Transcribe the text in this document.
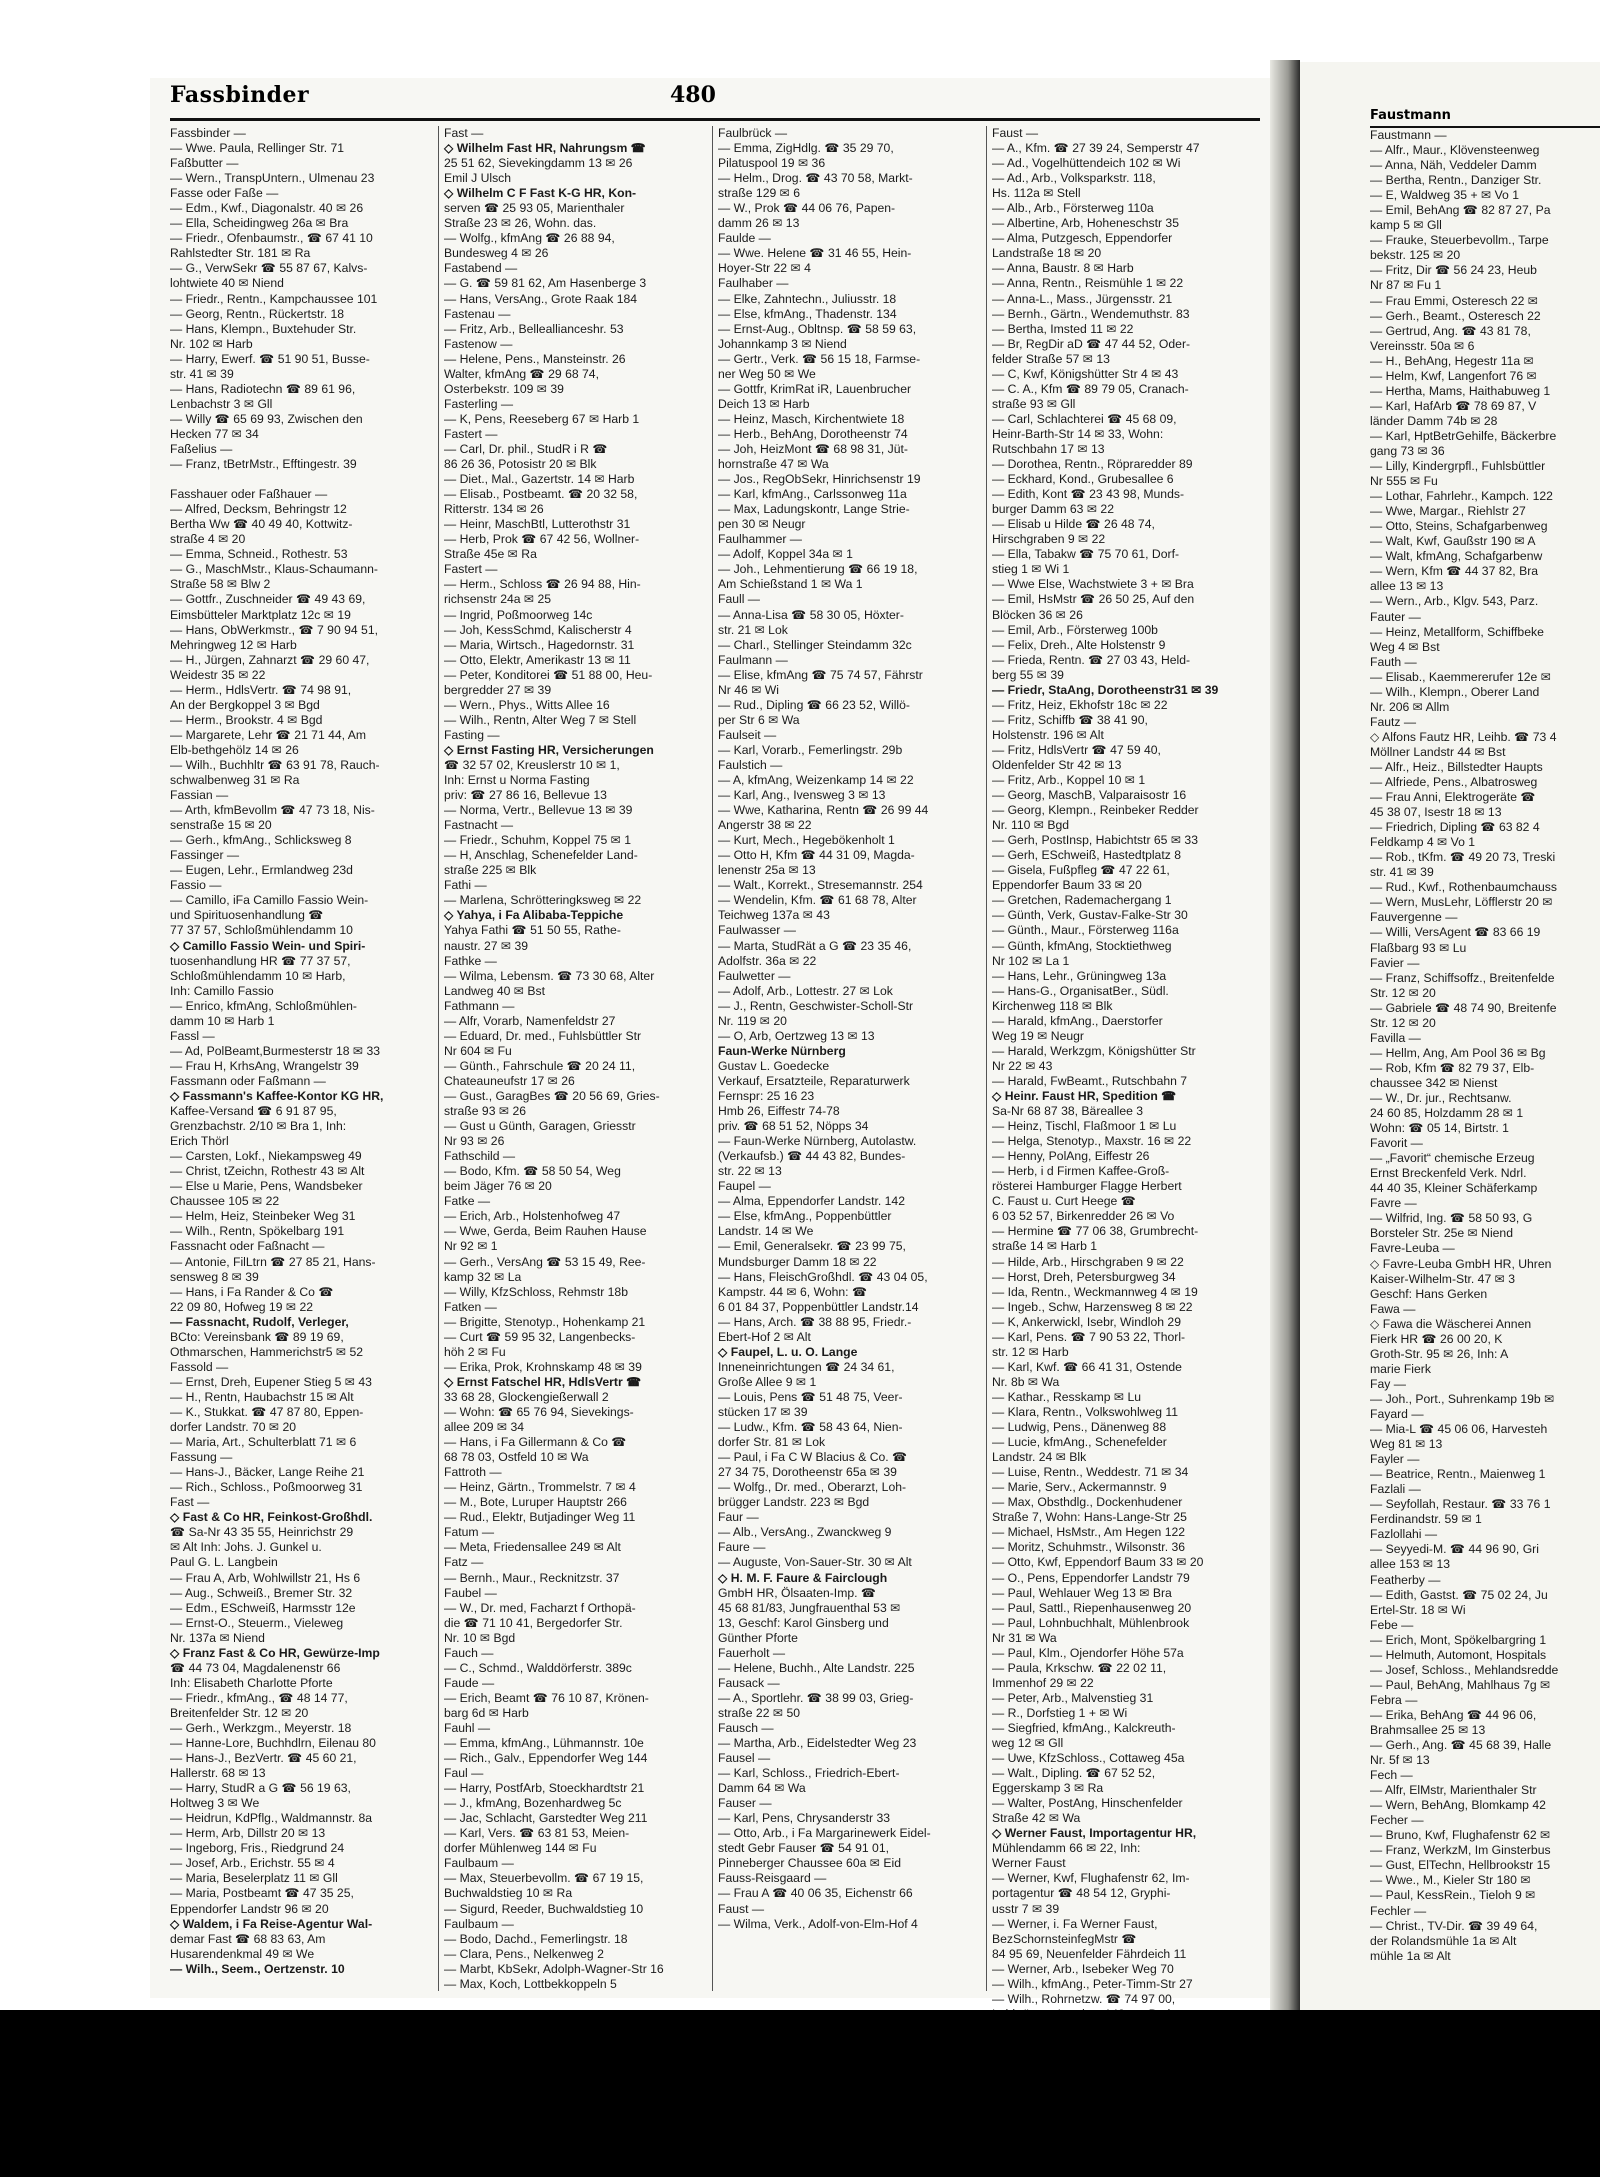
Fassbinder	480
Faustmann
Fassbinder —
— Wwe. Paula, Rellinger Str. 71
Faßbutter —
— Wern., TranspUntern., Ulmenau 23
Fasse oder Faße —
— Edm., Kwf., Diagonalstr. 40 ✉ 26
— Ella, Scheidingweg 26a ✉ Bra
— Friedr., Ofenbaumstr., ☎ 67 41 10
Rahlstedter Str. 181 ✉ Ra
— G., VerwSekr ☎ 55 87 67, Kalvs-
lohtwiete 40 ✉ Niend
— Friedr., Rentn., Kampchaussee 101
— Georg, Rentn., Rückertstr. 18
— Hans, Klempn., Buxtehuder Str.
Nr. 102 ✉ Harb
— Harry, Ewerf. ☎ 51 90 51, Busse-
str. 41 ✉ 39
— Hans, Radiotechn ☎ 89 61 96,
Lenbachstr 3 ✉ Gll
— Willy ☎ 65 69 93, Zwischen den
Hecken 77 ✉ 34
Faßelius —
— Franz, tBetrMstr., Efftingestr. 39

Fasshauer oder Faßhauer —
— Alfred, Decksm, Behringstr 12
Bertha Ww ☎ 40 49 40, Kottwitz-
straße 4 ✉ 20
— Emma, Schneid., Rothestr. 53
— G., MaschMstr., Klaus-Schaumann-
Straße 58 ✉ Blw 2
— Gottfr., Zuschneider ☎ 49 43 69,
Eimsbütteler Marktplatz 12c ✉ 19
— Hans, ObWerkmstr., ☎ 7 90 94 51,
Mehringweg 12 ✉ Harb
— H., Jürgen, Zahnarzt ☎ 29 60 47,
Weidestr 35 ✉ 22
— Herm., HdlsVertr. ☎ 74 98 91,
An der Bergkoppel 3 ✉ Bgd
— Herm., Brookstr. 4 ✉ Bgd
— Margarete, Lehr ☎ 21 71 44, Am
Elb-bethgehölz 14 ✉ 26
— Wilh., Buchhltr ☎ 63 91 78, Rauch-
schwalbenweg 31 ✉ Ra
Fassian —
— Arth, kfmBevollm ☎ 47 73 18, Nis-
senstraße 15 ✉ 20
— Gerh., kfmAng., Schlicksweg 8
Fassinger —
— Eugen, Lehr., Ermlandweg 23d
Fassio —
— Camillo, iFa Camillo Fassio Wein-
und Spirituosenhandlung ☎
77 37 57, Schloßmühlendamm 10
◇ Camillo Fassio Wein- und Spiri-
tuosenhandlung HR ☎ 77 37 57,
Schloßmühlendamm 10 ✉ Harb,
Inh: Camillo Fassio
— Enrico, kfmAng, Schloßmühlen-
damm 10 ✉ Harb 1
Fassl —
— Ad, PolBeamt,Burmesterstr 18 ✉ 33
— Frau H, KrhsAng, Wrangelstr 39
Fassmann oder Faßmann —
◇ Fassmann's Kaffee-Kontor KG HR,
Kaffee-Versand ☎ 6 91 87 95,
Grenzbachstr. 2/10 ✉ Bra 1, Inh:
Erich Thörl
— Carsten, Lokf., Niekampsweg 49
— Christ, tZeichn, Rothestr 43 ✉ Alt
— Else u Marie, Pens, Wandsbeker
Chaussee 105 ✉ 22
— Helm, Heiz, Steinbeker Weg 31
— Wilh., Rentn, Spökelbarg 191
Fassnacht oder Faßnacht —
— Antonie, FilLtrn ☎ 27 85 21, Hans-
sensweg 8 ✉ 39
— Hans, i Fa Rander & Co ☎
22 09 80, Hofweg 19 ✉ 22
— Fassnacht, Rudolf, Verleger,
BCto: Vereinsbank ☎ 89 19 69,
Othmarschen, Hammerichstr5 ✉ 52
Fassold —
— Ernst, Dreh, Eupener Stieg 5 ✉ 43
— H., Rentn, Haubachstr 15 ✉ Alt
— K., Stukkat. ☎ 47 87 80, Eppen-
dorfer Landstr. 70 ✉ 20
— Maria, Art., Schulterblatt 71 ✉ 6
Fassung —
— Hans-J., Bäcker, Lange Reihe 21
— Rich., Schloss., Poßmoorweg 31
Fast —
◇ Fast & Co HR, Feinkost-Großhdl.
☎ Sa-Nr 43 35 55, Heinrichstr 29
✉ Alt Inh: Johs. J. Gunkel u.
Paul G. L. Langbein
— Frau A, Arb, Wohlwillstr 21, Hs 6
— Aug., Schweiß., Bremer Str. 32
— Edm., ESchweiß, Harmsstr 12e
— Ernst-O., Steuerm., Vieleweg
Nr. 137a ✉ Niend
◇ Franz Fast & Co HR, Gewürze-Imp
☎ 44 73 04, Magdalenenstr 66
Inh: Elisabeth Charlotte Pforte
— Friedr., kfmAng., ☎ 48 14 77,
Breitenfelder Str. 12 ✉ 20
— Gerh., Werkzgm., Meyerstr. 18
— Hanne-Lore, Buchhdlrn, Eilenau 80
— Hans-J., BezVertr. ☎ 45 60 21,
Hallerstr. 68 ✉ 13
— Harry, StudR a G ☎ 56 19 63,
Holtweg 3 ✉ We
— Heidrun, KdPflg., Waldmannstr. 8a
— Herm, Arb, Dillstr 20 ✉ 13
— Ingeborg, Fris., Riedgrund 24
— Josef, Arb., Erichstr. 55 ✉ 4
— Maria, Beselerplatz 11 ✉ Gll
— Maria, Postbeamt ☎ 47 35 25,
Eppendorfer Landstr 96 ✉ 20
◇ Waldem, i Fa Reise-Agentur Wal-
demar Fast ☎ 68 83 63, Am
Husarendenkmal 49 ✉ We
— Wilh., Seem., Oertzenstr. 10
Fast —
◇ Wilhelm Fast HR, Nahrungsm ☎
25 51 62, Sievekingdamm 13 ✉ 26
Emil J Ulsch
◇ Wilhelm C F Fast K-G HR, Kon-
serven ☎ 25 93 05, Marienthaler
Straße 23 ✉ 26, Wohn. das.
— Wolfg., kfmAng ☎ 26 88 94,
Bundesweg 4 ✉ 26
Fastabend —
— G. ☎ 59 81 62, Am Hasenberge 3
— Hans, VersAng., Grote Raak 184
Fastenau —
— Fritz, Arb., Belleallianceshr. 53
Fastenow —
— Helene, Pens., Mansteinstr. 26
Walter, kfmAng ☎ 29 68 74,
Osterbekstr. 109 ✉ 39
Fasterling —
— K, Pens, Reeseberg 67 ✉ Harb 1
Fastert —
— Carl, Dr. phil., StudR i R ☎
86 26 36, Potosistr 20 ✉ Blk
— Diet., Mal., Gazertstr. 14 ✉ Harb
— Elisab., Postbeamt. ☎ 20 32 58,
Ritterstr. 134 ✉ 26
— Heinr, MaschBtl, Lutterothstr 31
— Herb, Prok ☎ 67 42 56, Wollner-
Straße 45e ✉ Ra
Fastert —
— Herm., Schloss ☎ 26 94 88, Hin-
richsenstr 24a ✉ 25
— Ingrid, Poßmoorweg 14c
— Joh, KessSchmd, Kalischerstr 4
— Maria, Wirtsch., Hagedornstr. 31
— Otto, Elektr, Amerikastr 13 ✉ 11
— Peter, Konditorei ☎ 51 88 00, Heu-
bergredder 27 ✉ 39
— Wern., Phys., Witts Allee 16
— Wilh., Rentn, Alter Weg 7 ✉ Stell
Fasting —
◇ Ernst Fasting HR, Versicherungen
☎ 32 57 02, Kreuslerstr 10 ✉ 1,
Inh: Ernst u Norma Fasting
priv: ☎ 27 86 16, Bellevue 13
— Norma, Vertr., Bellevue 13 ✉ 39
Fastnacht —
— Friedr., Schuhm, Koppel 75 ✉ 1
— H, Anschlag, Schenefelder Land-
straße 225 ✉ Blk
Fathi —
— Marlena, Schrötteringksweg ✉ 22
◇ Yahya, i Fa Alibaba-Teppiche
Yahya Fathi ☎ 51 50 55, Rathe-
naustr. 27 ✉ 39
Fathke —
— Wilma, Lebensm. ☎ 73 30 68, Alter
Landweg 40 ✉ Bst
Fathmann —
— Alfr, Vorarb, Namenfeldstr 27
— Eduard, Dr. med., Fuhlsbüttler Str
Nr 604 ✉ Fu
— Günth., Fahrschule ☎ 20 24 11,
Chateauneufstr 17 ✉ 26
— Gust., GaragBes ☎ 20 56 69, Gries-
straße 93 ✉ 26
— Gust u Günth, Garagen, Griesstr
Nr 93 ✉ 26
Fathschild —
— Bodo, Kfm. ☎ 58 50 54, Weg
beim Jäger 76 ✉ 20
Fatke —
— Erich, Arb., Holstenhofweg 47
— Wwe, Gerda, Beim Rauhen Hause
Nr 92 ✉ 1
— Gerh., VersAng ☎ 53 15 49, Ree-
kamp 32 ✉ La
— Willy, KfzSchloss, Rehmstr 18b
Fatken —
— Brigitte, Stenotyp., Hohenkamp 21
— Curt ☎ 59 95 32, Langenbecks-
höh 2 ✉ Fu
— Erika, Prok, Krohnskamp 48 ✉ 39
◇ Ernst Fatschel HR, HdlsVertr ☎
33 68 28, Glockengießerwall 2
— Wohn: ☎ 65 76 94, Sievekings-
allee 209 ✉ 34
— Hans, i Fa Gillermann & Co ☎
68 78 03, Ostfeld 10 ✉ Wa
Fattroth —
— Heinz, Gärtn., Trommelstr. 7 ✉ 4
— M., Bote, Luruper Hauptstr 266
— Rud., Elektr, Butjadinger Weg 11
Fatum —
— Meta, Friedensallee 249 ✉ Alt
Fatz —
— Bernh., Maur., Recknitzstr. 37
Faubel —
— W., Dr. med, Facharzt f Orthopä-
die ☎ 71 10 41, Bergedorfer Str.
Nr. 10 ✉ Bgd
Fauch —
— C., Schmd., Walddörferstr. 389c
Faude —
— Erich, Beamt ☎ 76 10 87, Krönen-
barg 6d ✉ Harb
Fauhl —
— Emma, kfmAng., Lühmannstr. 10e
— Rich., Galv., Eppendorfer Weg 144
Faul —
— Harry, PostfArb, Stoeckhardtstr 21
— J., kfmAng, Bozenhardweg 5c
— Jac, Schlacht, Garstedter Weg 211
— Karl, Vers. ☎ 63 81 53, Meien-
dorfer Mühlenweg 144 ✉ Fu
Faulbaum —
— Max, Steuerbevollm. ☎ 67 19 15,
Buchwaldstieg 10 ✉ Ra
— Sigurd, Reeder, Buchwaldstieg 10
Faulbaum —
— Bodo, Dachd., Femerlingstr. 18
— Clara, Pens., Nelkenweg 2
— Marbt, KbSekr, Adolph-Wagner-Str 16
— Max, Koch, Lottbekkoppeln 5
Faulbrück —
— Emma, ZigHdlg. ☎ 35 29 70,
Pilatuspool 19 ✉ 36
— Helm., Drog. ☎ 43 70 58, Markt-
straße 129 ✉ 6
— W., Prok ☎ 44 06 76, Papen-
damm 26 ✉ 13
Faulde —
— Wwe. Helene ☎ 31 46 55, Hein-
Hoyer-Str 22 ✉ 4
Faulhaber —
— Elke, Zahntechn., Juliusstr. 18
— Else, kfmAng., Thadenstr. 134
— Ernst-Aug., Obltnsp. ☎ 58 59 63,
Johannkamp 3 ✉ Niend
— Gertr., Verk. ☎ 56 15 18, Farmse-
ner Weg 50 ✉ We
— Gottfr, KrimRat iR, Lauenbrucher
Deich 13 ✉ Harb
— Heinz, Masch, Kirchentwiete 18
— Herb., BehAng, Dorotheenstr 74
— Joh, HeizMont ☎ 68 98 31, Jüt-
hornstraße 47 ✉ Wa
— Jos., RegObSekr, Hinrichsenstr 19
— Karl, kfmAng., Carlssonweg 11a
— Max, Ladungskontr, Lange Strie-
pen 30 ✉ Neugr
Faulhammer —
— Adolf, Koppel 34a ✉ 1
— Joh., Lehmentierung ☎ 66 19 18,
Am Schießstand 1 ✉ Wa 1
Faull —
— Anna-Lisa ☎ 58 30 05, Höxter-
str. 21 ✉ Lok
— Charl., Stellinger Steindamm 32c
Faulmann —
— Elise, kfmAng ☎ 75 74 57, Fährstr
Nr 46 ✉ Wi
— Rud., Dipling ☎ 66 23 52, Willö-
per Str 6 ✉ Wa
Faulseit —
— Karl, Vorarb., Femerlingstr. 29b
Faulstich —
— A, kfmAng, Weizenkamp 14 ✉ 22
— Karl, Ang., Ivensweg 3 ✉ 13
— Wwe, Katharina, Rentn ☎ 26 99 44
Angerstr 38 ✉ 22
— Kurt, Mech., Hegebökenholt 1
— Otto H, Kfm ☎ 44 31 09, Magda-
lenenstr 25a ✉ 13
— Walt., Korrekt., Stresemannstr. 254
— Wendelin, Kfm. ☎ 61 68 78, Alter
Teichweg 137a ✉ 43
Faulwasser —
— Marta, StudRät a G ☎ 23 35 46,
Adolfstr. 36a ✉ 22
Faulwetter —
— Adolf, Arb., Lottestr. 27 ✉ Lok
— J., Rentn, Geschwister-Scholl-Str
Nr. 119 ✉ 20
— O, Arb, Oertzweg 13 ✉ 13
Faun-Werke Nürnberg
Gustav L. Goedecke
Verkauf, Ersatzteile, Reparaturwerk
Fernspr: 25 16 23
Hmb 26, Eiffestr 74-78
priv. ☎ 68 51 52, Nöpps 34
— Faun-Werke Nürnberg, Autolastw.
(Verkaufsb.) ☎ 44 43 82, Bundes-
str. 22 ✉ 13
Faupel —
— Alma, Eppendorfer Landstr. 142
— Else, kfmAng., Poppenbüttler
Landstr. 14 ✉ We
— Emil, Generalsekr. ☎ 23 99 75,
Mundsburger Damm 18 ✉ 22
— Hans, FleischGroßhdl. ☎ 43 04 05,
Kampstr. 44 ✉ 6, Wohn: ☎
6 01 84 37, Poppenbüttler Landstr.14
— Hans, Arch. ☎ 38 88 95, Friedr.-
Ebert-Hof 2 ✉ Alt
◇ Faupel, L. u. O. Lange
Inneneinrichtungen ☎ 24 34 61,
Große Allee 9 ✉ 1
— Louis, Pens ☎ 51 48 75, Veer-
stücken 17 ✉ 39
— Ludw., Kfm. ☎ 58 43 64, Nien-
dorfer Str. 81 ✉ Lok
— Paul, i Fa C W Blacius & Co. ☎
27 34 75, Dorotheenstr 65a ✉ 39
— Wolfg., Dr. med., Oberarzt, Loh-
brügger Landstr. 223 ✉ Bgd
Faur —
— Alb., VersAng., Zwanckweg 9
Faure —
— Auguste, Von-Sauer-Str. 30 ✉ Alt
◇ H. M. F. Faure & Fairclough
GmbH HR, Ölsaaten-Imp. ☎
45 68 81/83, Jungfrauenthal 53 ✉
13, Geschf: Karol Ginsberg und
Günther Pforte
Fauerholt —
— Helene, Buchh., Alte Landstr. 225
Fausack —
— A., Sportlehr. ☎ 38 99 03, Grieg-
straße 22 ✉ 50
Fausch —
— Martha, Arb., Eidelstedter Weg 23
Fausel —
— Karl, Schloss., Friedrich-Ebert-
Damm 64 ✉ Wa
Fauser —
— Karl, Pens, Chrysanderstr 33
— Otto, Arb., i Fa Margarinewerk Eidel-
stedt Gebr Fauser ☎ 54 91 01,
Pinneberger Chaussee 60a ✉ Eid
Fauss-Reisgaard —
— Frau A ☎ 40 06 35, Eichenstr 66
Faust —
— Wilma, Verk., Adolf-von-Elm-Hof 4
Faust —
— A., Kfm. ☎ 27 39 24, Semperstr 47
— Ad., Vogelhüttendeich 102 ✉ Wi
— Ad., Arb., Volksparkstr. 118,
Hs. 112a ✉ Stell
— Alb., Arb., Försterweg 110a
— Albertine, Arb, Hoheneschstr 35
— Alma, Putzgesch, Eppendorfer
Landstraße 18 ✉ 20
— Anna, Baustr. 8 ✉ Harb
— Anna, Rentn., Reismühle 1 ✉ 22
— Anna-L., Mass., Jürgensstr. 21
— Bernh., Gärtn., Wendemuthstr. 83
— Bertha, Imsted 11 ✉ 22
— Br, RegDir aD ☎ 47 44 52, Oder-
felder Straße 57 ✉ 13
— C, Kwf, Königshütter Str 4 ✉ 43
— C. A., Kfm ☎ 89 79 05, Cranach-
straße 93 ✉ Gll
— Carl, Schlachterei ☎ 45 68 09,
Heinr-Barth-Str 14 ✉ 33, Wohn:
Rutschbahn 17 ✉ 13
— Dorothea, Rentn., Röpraredder 89
— Eckhard, Kond., Grubesallee 6
— Edith, Kont ☎ 23 43 98, Munds-
burger Damm 63 ✉ 22
— Elisab u Hilde ☎ 26 48 74,
Hirschgraben 9 ✉ 22
— Ella, Tabakw ☎ 75 70 61, Dorf-
stieg 1 ✉ Wi 1
— Wwe Else, Wachstwiete 3 + ✉ Bra
— Emil, HsMstr ☎ 26 50 25, Auf den
Blöcken 36 ✉ 26
— Emil, Arb., Försterweg 100b
— Felix, Dreh., Alte Holstenstr 9
— Frieda, Rentn. ☎ 27 03 43, Held-
berg 55 ✉ 39
— Friedr, StaAng, Dorotheenstr31 ✉ 39
— Fritz, Heiz, Ekhofstr 18c ✉ 22
— Fritz, Schiffb ☎ 38 41 90,
Holstenstr. 196 ✉ Alt
— Fritz, HdlsVertr ☎ 47 59 40,
Oldenfelder Str 42 ✉ 13
— Fritz, Arb., Koppel 10 ✉ 1
— Georg, MaschB, Valparaisostr 16
— Georg, Klempn., Reinbeker Redder
Nr. 110 ✉ Bgd
— Gerh, PostInsp, Habichtstr 65 ✉ 33
— Gerh, ESchweiß, Hastedtplatz 8
— Gisela, Fußpfleg ☎ 47 22 61,
Eppendorfer Baum 33 ✉ 20
— Gretchen, Rademachergang 1
— Günth, Verk, Gustav-Falke-Str 30
— Günth., Maur., Försterweg 116a
— Günth, kfmAng, Stocktiethweg
Nr 102 ✉ La 1
— Hans, Lehr., Grüningweg 13a
— Hans-G., OrganisatBer., Südl.
Kirchenweg 118 ✉ Blk
— Harald, kfmAng., Daerstorfer
Weg 19 ✉ Neugr
— Harald, Werkzgm, Königshütter Str
Nr 22 ✉ 43
— Harald, FwBeamt., Rutschbahn 7
◇ Heinr. Faust HR, Spedition ☎
Sa-Nr 68 87 38, Bäreallee 3
— Heinz, Tischl, Flaßmoor 1 ✉ Lu
— Helga, Stenotyp., Maxstr. 16 ✉ 22
— Henny, PolAng, Eiffestr 26
— Herb, i d Firmen Kaffee-Groß-
rösterei Hamburger Flagge Herbert
C. Faust u. Curt Heege ☎
6 03 52 57, Birkenredder 26 ✉ Vo
— Hermine ☎ 77 06 38, Grumbrecht-
straße 14 ✉ Harb 1
— Hilde, Arb., Hirschgraben 9 ✉ 22
— Horst, Dreh, Petersburgweg 34
— Ida, Rentn., Weckmannweg 4 ✉ 19
— Ingeb., Schw, Harzensweg 8 ✉ 22
— K, Ankerwickl, Isebr, Windloh 29
— Karl, Pens. ☎ 7 90 53 22, Thorl-
str. 12 ✉ Harb
— Karl, Kwf. ☎ 66 41 31, Ostende
Nr. 8b ✉ Wa
— Kathar., Resskamp ✉ Lu
— Klara, Rentn., Volkswohlweg 11
— Ludwig, Pens., Dänenweg 88
— Lucie, kfmAng., Schenefelder
Landstr. 24 ✉ Blk
— Luise, Rentn., Weddestr. 71 ✉ 34
— Marie, Serv., Ackermannstr. 9
— Max, Obsthdlg., Dockenhudener
Straße 7, Wohn: Hans-Lange-Str 25
— Michael, HsMstr., Am Hegen 122
— Moritz, Schuhmstr., Wilsonstr. 36
— Otto, Kwf, Eppendorf Baum 33 ✉ 20
— O., Pens, Eppendorfer Landstr 79
— Paul, Wehlauer Weg 13 ✉ Bra
— Paul, Sattl., Riepenhausenweg 20
— Paul, Lohnbuchhalt, Mühlenbrook
Nr 31 ✉ Wa
— Paul, Klm., Ojendorfer Höhe 57a
— Paula, Krkschw. ☎ 22 02 11,
Immenhof 29 ✉ 22
— Peter, Arb., Malvenstieg 31
— R., Dorfstieg 1 + ✉ Wi
— Siegfried, kfmAng., Kalckreuth-
weg 12 ✉ Gll
— Uwe, KfzSchloss., Cottaweg 45a
— Walt., Dipling. ☎ 67 52 52,
Eggerskamp 3 ✉ Ra
— Walter, PostAng, Hinschenfelder
Straße 42 ✉ Wa
◇ Werner Faust, Importagentur HR,
Mühlendamm 66 ✉ 22, Inh:
Werner Faust
— Werner, Kwf, Flughafenstr 62, Im-
portagentur ☎ 48 54 12, Gryphi-
usstr 7 ✉ 39
— Werner, i. Fa Werner Faust,
BezSchornsteinfegMstr ☎
84 95 69, Neuenfelder Fährdeich 11
— Werner, Arb., Isebeker Weg 70
— Wilh., kfmAng., Peter-Timm-Str 27
— Wilh., Rohrnetzw. ☎ 74 97 00,
Faustmann —
— Alfr., Maur., Klövensteenweg
— Anna, Näh, Veddeler Damm
— Bertha, Rentn., Danziger Str.
— E, Waldweg 35 + ✉ Vo 1
— Emil, BehAng ☎ 82 87 27, Pa
kamp 5 ✉ Gll
— Frauke, Steuerbevollm., Tarpe
bekstr. 125 ✉ 20
— Fritz, Dir ☎ 56 24 23, Heub
Nr 87 ✉ Fu 1
— Frau Emmi, Osteresch 22 ✉
— Gerh., Beamt., Osteresch 22
— Gertrud, Ang. ☎ 43 81 78,
Vereinsstr. 50a ✉ 6
— H., BehAng, Hegestr 11a ✉
— Helm, Kwf, Langenfort 76 ✉
— Hertha, Mams, Haithabuweg 1
— Karl, HafArb ☎ 78 69 87, V
länder Damm 74b ✉ 28
— Karl, HptBetrGehilfe, Bäckerbre
gang 73 ✉ 36
— Lilly, Kindergrpfl., Fuhlsbüttler
Nr 555 ✉ Fu
— Lothar, Fahrlehr., Kampch. 122
— Wwe, Margar., Riehlstr 27
— Otto, Steins, Schafgarbenweg
— Walt, Kwf, Gaußstr 190 ✉ A
— Walt, kfmAng, Schafgarbenw
— Wern, Kfm ☎ 44 37 82, Bra
allee 13 ✉ 13
— Wern., Arb., Klgv. 543, Parz.
Fauter —
— Heinz, Metallform, Schiffbeke
Weg 4 ✉ Bst
Fauth —
— Elisab., Kaemmererufer 12e ✉
— Wilh., Klempn., Oberer Land
Nr. 206 ✉ Allm
Fautz —
◇ Alfons Fautz HR, Leihb. ☎ 73 4
Möllner Landstr 44 ✉ Bst
— Alfr., Heiz., Billstedter Haupts
— Alfriede, Pens., Albatrosweg
— Frau Anni, Elektrogeräte ☎
45 38 07, Isestr 18 ✉ 13
— Friedrich, Dipling ☎ 63 82 4
Feldkamp 4 ✉ Vo 1
— Rob., tKfm. ☎ 49 20 73, Treski
str. 41 ✉ 39
— Rud., Kwf., Rothenbaumchauss
— Wern, MusLehr, Löfflerstr 20 ✉
Fauvergenne —
— Willi, VersAgent ☎ 83 66 19
Flaßbarg 93 ✉ Lu
Favier —
— Franz, Schiffsoffz., Breitenfelde
Str. 12 ✉ 20
— Gabriele ☎ 48 74 90, Breitenfe
Str. 12 ✉ 20
Favilla —
— Hellm, Ang, Am Pool 36 ✉ Bg
— Rob, Kfm ☎ 82 79 37, Elb-
chaussee 342 ✉ Nienst
— W., Dr. jur., Rechtsanw.
24 60 85, Holzdamm 28 ✉ 1
Wohn: ☎ 05 14, Birtstr. 1
Favorit —
— „Favorit“ chemische Erzeug
Ernst Breckenfeld Verk. Ndrl.
44 40 35, Kleiner Schäferkamp
Favre —
— Wilfrid, Ing. ☎ 58 50 93, G
Borsteler Str. 25e ✉ Niend
Favre-Leuba —
◇ Favre-Leuba GmbH HR, Uhren
Kaiser-Wilhelm-Str. 47 ✉ 3
Geschf: Hans Gerken
Fawa —
◇ Fawa die Wäscherei Annen
Fierk HR ☎ 26 00 20, K
Groth-Str. 95 ✉ 26, Inh: A
marie Fierk
Fay —
— Joh., Port., Suhrenkamp 19b ✉
Fayard —
— Mia-L ☎ 45 06 06, Harvesteh
Weg 81 ✉ 13
Fayler —
— Beatrice, Rentn., Maienweg 1
Fazlali —
— Seyfollah, Restaur. ☎ 33 76 1
Ferdinandstr. 59 ✉ 1
Fazlollahi —
— Seyyedi-M. ☎ 44 96 90, Gri
allee 153 ✉ 13
Featherby —
— Edith, Gastst. ☎ 75 02 24, Ju
Ertel-Str. 18 ✉ Wi
Febe —
— Erich, Mont, Spökelbargring 1
— Helmuth, Automont, Hospitals
— Josef, Schloss., Mehlandsredde
— Paul, BehAng, Mahlhaus 7g ✉
Febra —
— Erika, BehAng ☎ 44 96 06,
Brahmsallee 25 ✉ 13
— Gerh., Ang. ☎ 45 68 39, Halle
Nr. 5f ✉ 13
Fech —
— Alfr, ElMstr, Marienthaler Str
— Wern, BehAng, Blomkamp 42
Fecher —
— Bruno, Kwf, Flughafenstr 62 ✉
— Franz, WerkzM, Im Ginsterbus
— Gust, ElTechn, Hellbrookstr 15
— Wwe., M., Kieler Str 180 ✉
— Paul, KessRein., Tieloh 9 ✉
Fechler —
— Christ., TV-Dir. ☎ 39 49 64,
der Rolandsmühle 1a ✉ Alt
mühle 1a ✉ Alt
